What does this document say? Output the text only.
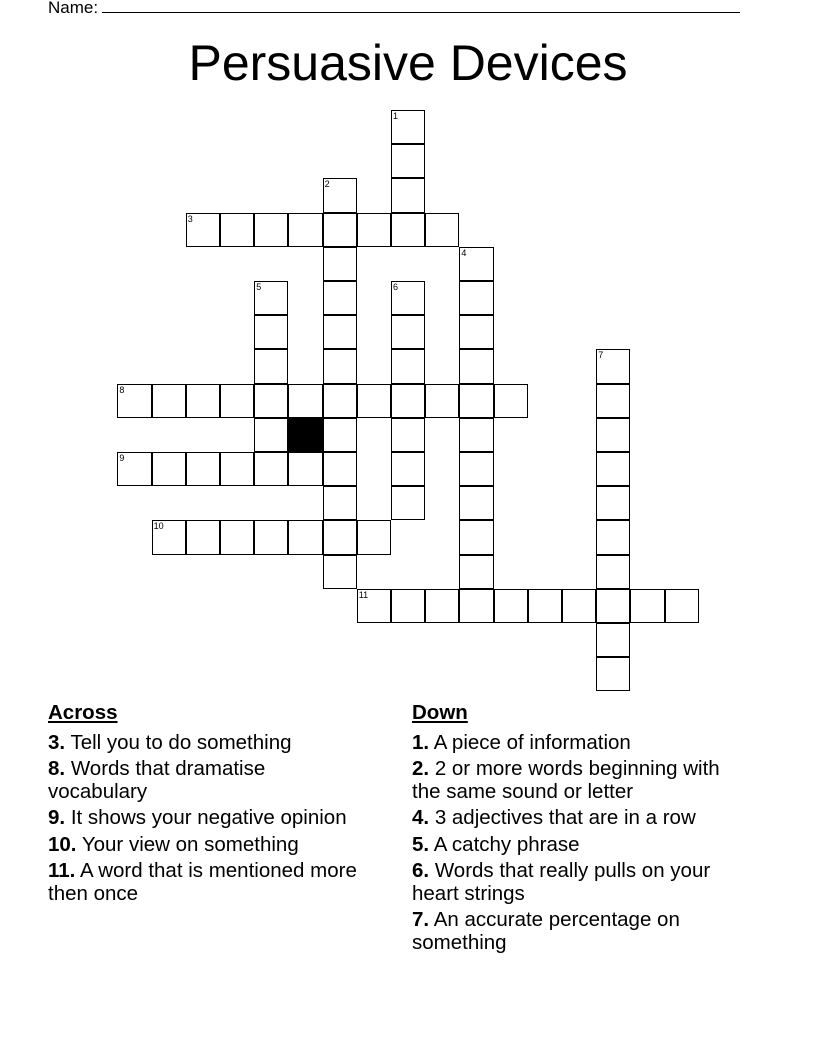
Name:
Persuasive Devices
1
2
3
4
5	6
7
8
9
10
11
Across
3. Tell you to do something
8. Words that dramatise vocabulary
9. It shows your negative opinion
10. Your view on something
11. A word that is mentioned more then once
Down
1. A piece of information
2. 2 or more words beginning with the same sound or letter
4. 3 adjectives that are in a row
5. A catchy phrase
6. Words that really pulls on your heart strings
7. An accurate percentage on something
